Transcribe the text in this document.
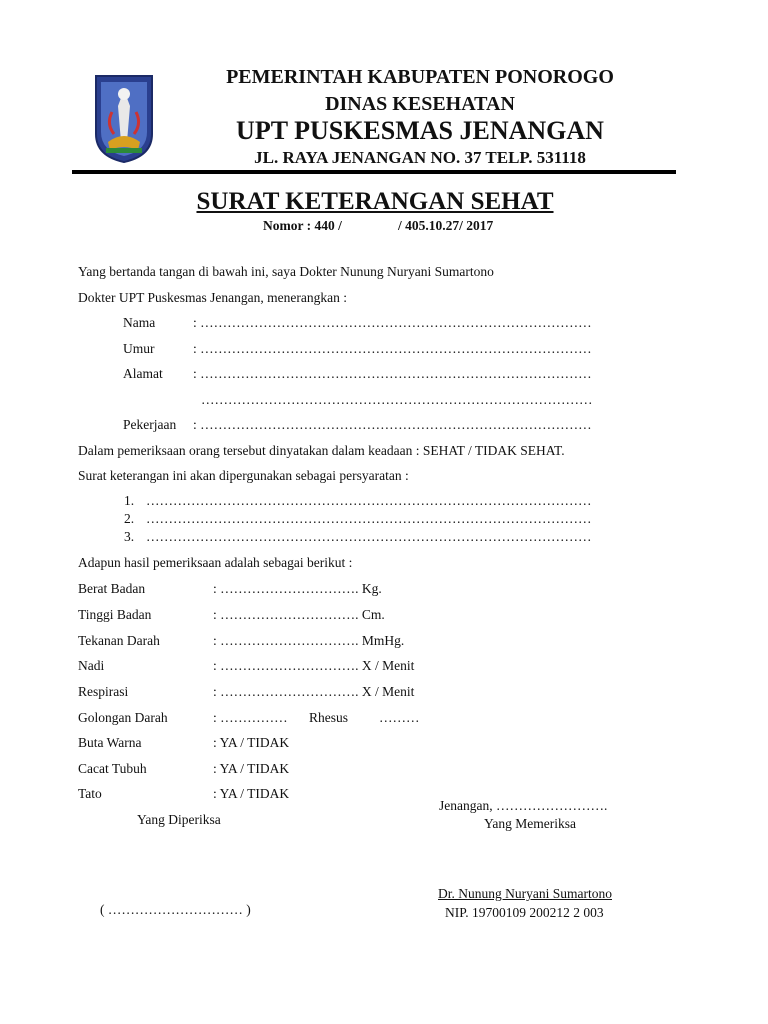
PEMERINTAH KABUPATEN PONOROGO
DINAS KESEHATAN
UPT PUSKESMAS JENANGAN
JL. RAYA JENANGAN NO. 37 TELP. 531118
SURAT KETERANGAN SEHAT
Nomor : 440 /	/ 405.10.27/ 2017
Yang bertanda tangan di bawah ini, saya Dokter Nunung Nuryani Sumartono
Dokter UPT Puskesmas Jenangan, menerangkan :
Nama	: ……………………………………………………………………………
Umur	: ……………………………………………………………………………
Alamat : ……………………………………………………………………………
……………………………………………………………………………
Pekerjaan : ……………………………………………………………………………
Dalam pemeriksaan orang tersebut dinyatakan dalam keadaan : SEHAT / TIDAK SEHAT.
Surat keterangan ini akan dipergunakan sebagai persyaratan :
1. ………………………………………………………………………………………
2. ………………………………………………………………………………………
3. ………………………………………………………………………………………
Adapun hasil pemeriksaan adalah sebagai berikut :
Berat Badan	: …………………………. Kg.
Tinggi Badan	: …………………………. Cm.
Tekanan Darah	: …………………………. MmHg.
Nadi	: …………………………. X / Menit
Respirasi	: …………………………. X / Menit
Golongan Darah	: …………… Rhesus ………
Buta Warna	: YA / TIDAK
Cacat Tubuh	: YA / TIDAK
Tato	: YA / TIDAK
Jenangan, …………………….
Yang Diperiksa	Yang Memeriksa
Dr. Nunung Nuryani Sumartono
NIP. 19700109 200212 2 003
( ………………………… )
